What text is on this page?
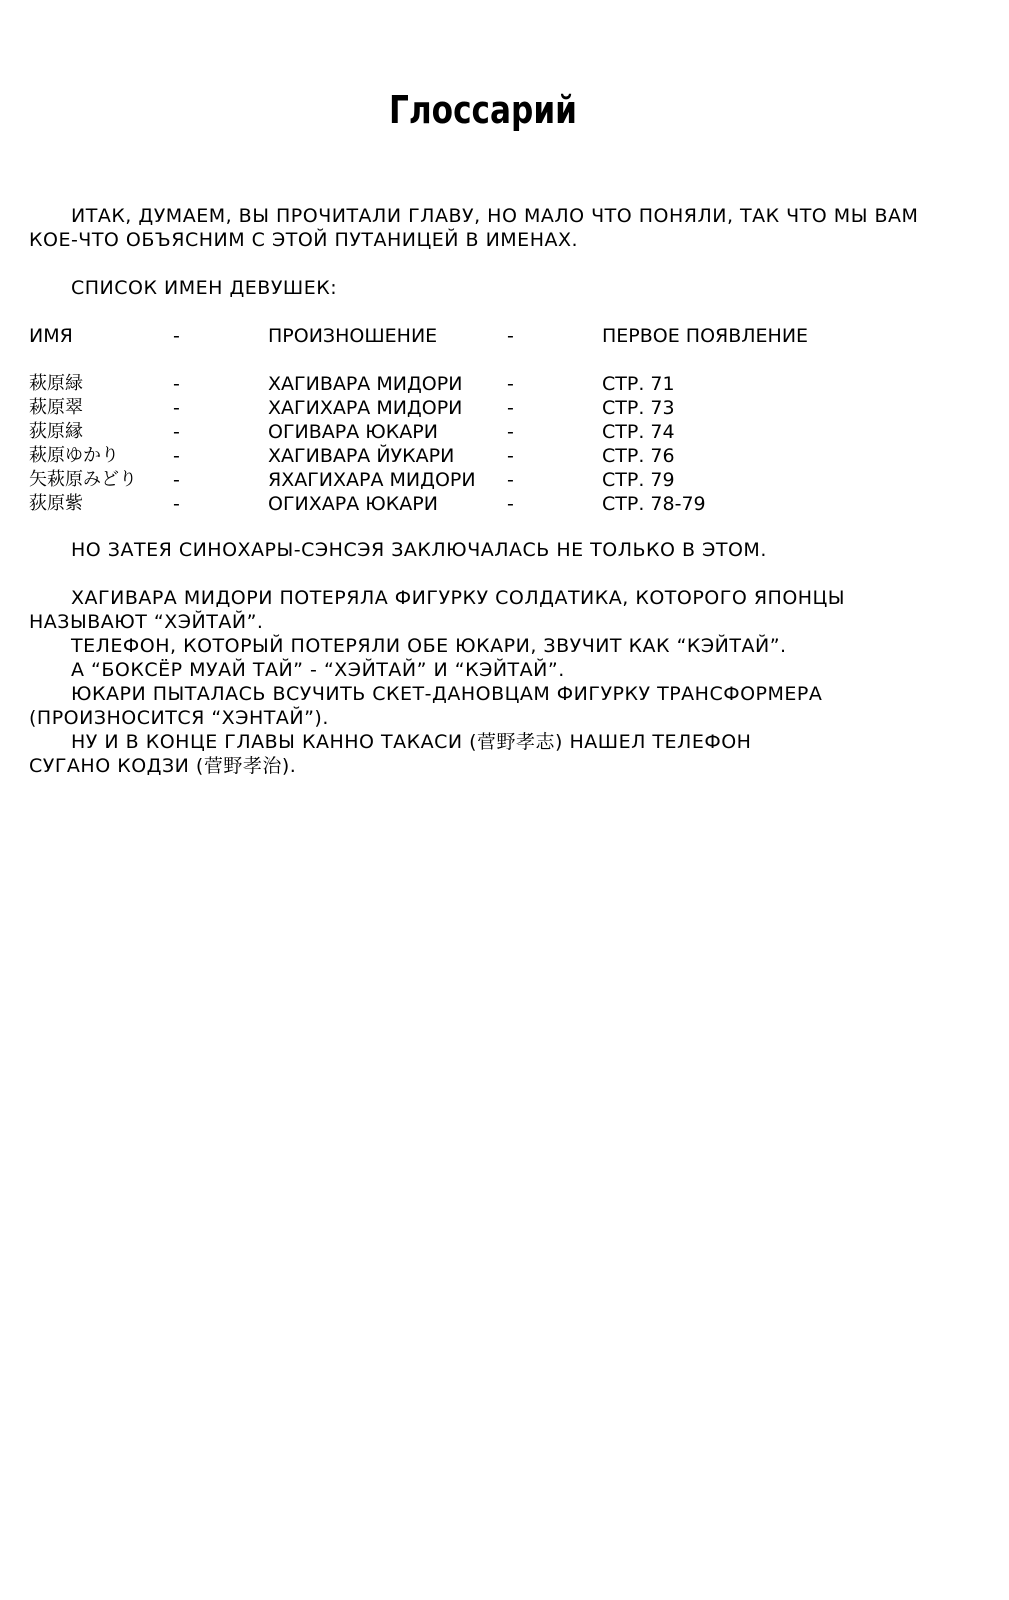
Глоссарий
ИТАК, ДУМАЕМ, ВЫ ПРОЧИТАЛИ ГЛАВУ, НО МАЛО ЧТО ПОНЯЛИ, ТАК ЧТО МЫ ВАМ
КОЕ-ЧТО ОБЪЯСНИМ С ЭТОЙ ПУТАНИЦЕЙ В ИМЕНАХ.
СПИСОК ИМЕН ДЕВУШЕК:
ИМЯ	-	ПРОИЗНОШЕНИЕ	-	ПЕРВОЕ ПОЯВЛЕНИЕ
萩原緑	-	ХАГИВАРА МИДОРИ -	СТР. 71
萩原翠	-	ХАГИХАРА МИДОРИ -	СТР. 73
荻原縁	-	ОГИВАРА ЮКАРИ	-	СТР. 74
萩原ゆかり	-	ХАГИВАРА ЙУКАРИ	-	СТР. 76
矢萩原みどり -	ЯХАГИХАРА МИДОРИ -	СТР. 79
荻原紫	-	ОГИХАРА ЮКАРИ	-	СТР. 78-79
НО ЗАТЕЯ СИНОХАРЫ-СЭНСЭЯ ЗАКЛЮЧАЛАСЬ НЕ ТОЛЬКО В ЭТОМ.
ХАГИВАРА МИДОРИ ПОТЕРЯЛА ФИГУРКУ СОЛДАТИКА, КОТОРОГО ЯПОНЦЫ
НАЗЫВАЮТ “ХЭЙТАЙ”.
ТЕЛЕФОН, КОТОРЫЙ ПОТЕРЯЛИ ОБЕ ЮКАРИ, ЗВУЧИТ КАК “КЭЙТАЙ”.
А “БОКСЁР МУАЙ ТАЙ” - “ХЭЙТАЙ” И “КЭЙТАЙ”.
ЮКАРИ ПЫТАЛАСЬ ВСУЧИТЬ СКЕТ-ДАНОВЦАМ ФИГУРКУ ТРАНСФОРМЕРА
(ПРОИЗНОСИТСЯ “ХЭНТАЙ”).
НУ И В КОНЦЕ ГЛАВЫ КАННО ТАКАСИ (菅野孝志) НАШЕЛ ТЕЛЕФОН
СУГАНО КОДЗИ (菅野孝治).
